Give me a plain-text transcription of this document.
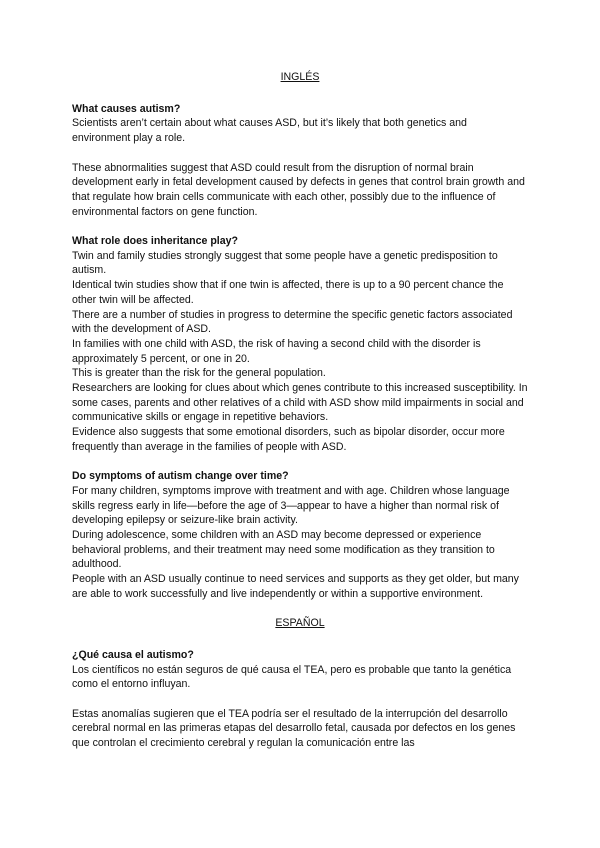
INGLÉS

What causes autism?

Scientists aren’t certain about what causes ASD, but it’s likely that both genetics and environment play a role.

These abnormalities suggest that ASD could result from the disruption of normal brain development early in fetal development caused by defects in genes that control brain growth and that regulate how brain cells communicate with each other, possibly due to the influence of environmental factors on gene function.

What role does inheritance play?

Twin and family studies strongly suggest that some people have a genetic predisposition to autism.

Identical twin studies show that if one twin is affected, there is up to a 90 percent chance the other twin will be affected.

There are a number of studies in progress to determine the specific genetic factors associated with the development of ASD.

In families with one child with ASD, the risk of having a second child with the disorder is approximately 5 percent, or one in 20.

This is greater than the risk for the general population.

Researchers are looking for clues about which genes contribute to this increased susceptibility. In some cases, parents and other relatives of a child with ASD show mild impairments in social and communicative skills or engage in repetitive behaviors.

Evidence also suggests that some emotional disorders, such as bipolar disorder, occur more frequently than average in the families of people with ASD.

Do symptoms of autism change over time?

For many children, symptoms improve with treatment and with age. Children whose language skills regress early in life—before the age of 3—appear to have a higher than normal risk of developing epilepsy or seizure-like brain activity.

During adolescence, some children with an ASD may become depressed or experience behavioral problems, and their treatment may need some modification as they transition to adulthood.

People with an ASD usually continue to need services and supports as they get older, but many are able to work successfully and live independently or within a supportive environment.

ESPAÑOL

¿Qué causa el autismo?

Los científicos no están seguros de qué causa el TEA, pero es probable que tanto la genética como el entorno influyan.

Estas anomalías sugieren que el TEA podría ser el resultado de la interrupción del desarrollo cerebral normal en las primeras etapas del desarrollo fetal, causada por defectos en los genes que controlan el crecimiento cerebral y regulan la comunicación entre las
